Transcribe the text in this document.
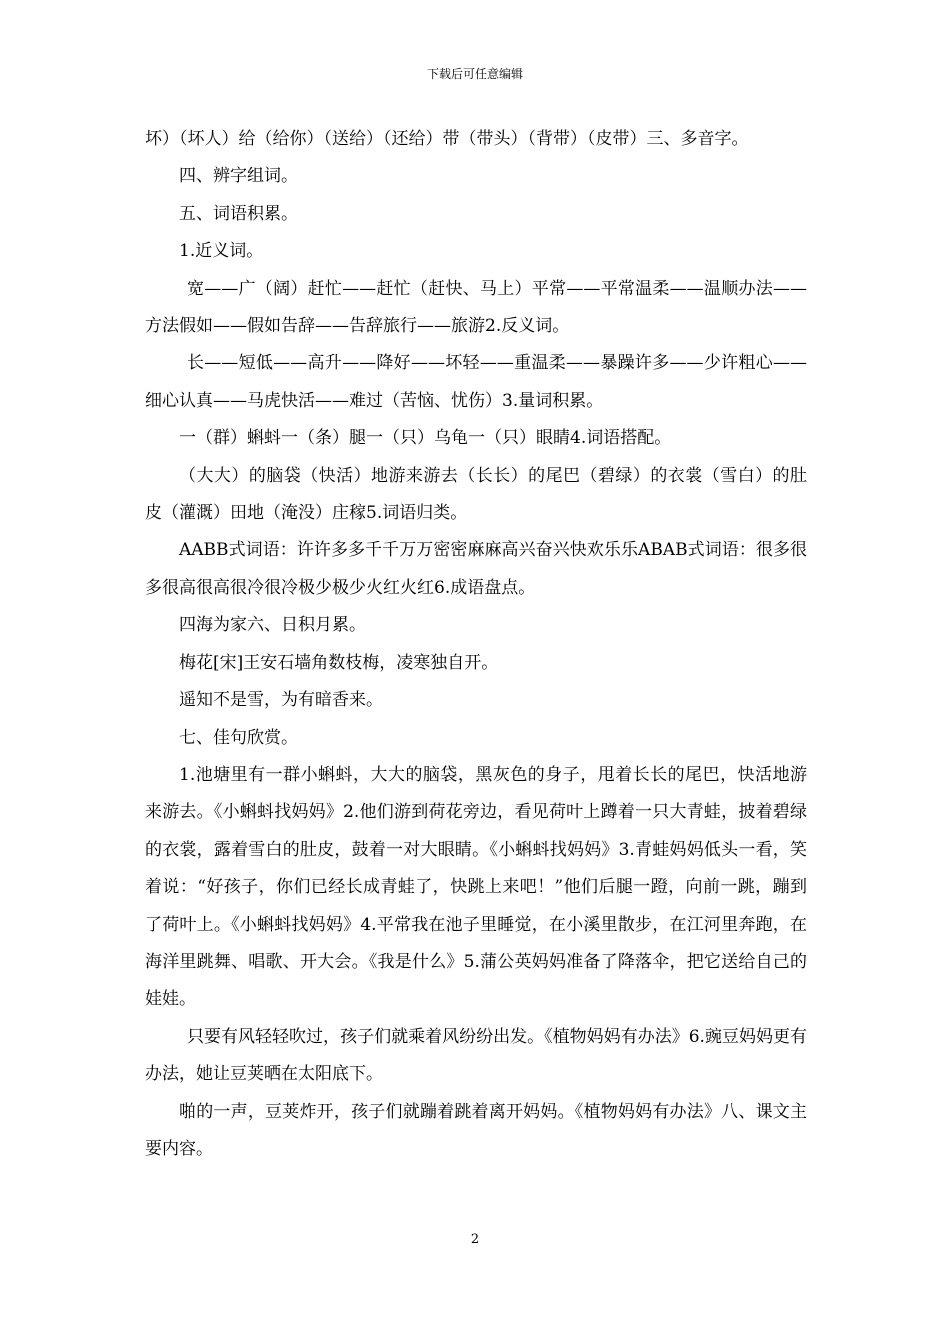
下载后可任意编辑

坏）（坏人）给（给你）（送给）（还给）带（带头）（背带）（皮带）三、多音字。

四、辨字组词。

五、词语积累。

1.近义词。

宽——广（阔）赶忙——赶忙（赶快、马上）平常——平常温柔——温顺办法——方法假如——假如告辞——告辞旅行——旅游2.反义词。

长——短低——高升——降好——坏轻——重温柔——暴躁许多——少许粗心——细心认真——马虎快活——难过（苦恼、忧伤）3.量词积累。

一（群）蝌蚪一（条）腿一（只）乌龟一（只）眼睛4.词语搭配。

（大大）的脑袋（快活）地游来游去（长长）的尾巴（碧绿）的衣裳（雪白）的肚皮（灌溉）田地（淹没）庄稼5.词语归类。

AABB式词语：许许多多千千万万密密麻麻高兴奋兴快欢乐乐ABAB式词语：很多很多很高很高很冷很冷极少极少火红火红6.成语盘点。

四海为家六、日积月累。

梅花[宋]王安石墙角数枝梅，凌寒独自开。

遥知不是雪，为有暗香来。

七、佳句欣赏。

1.池塘里有一群小蝌蚪，大大的脑袋，黑灰色的身子，甩着长长的尾巴，快活地游来游去。《小蝌蚪找妈妈》2.他们游到荷花旁边，看见荷叶上蹲着一只大青蛙，披着碧绿的衣裳，露着雪白的肚皮，鼓着一对大眼睛。《小蝌蚪找妈妈》3.青蛙妈妈低头一看，笑着说：“好孩子，你们已经长成青蛙了，快跳上来吧！”他们后腿一蹬，向前一跳，蹦到了荷叶上。《小蝌蚪找妈妈》4.平常我在池子里睡觉，在小溪里散步，在江河里奔跑，在海洋里跳舞、唱歌、开大会。《我是什么》5.蒲公英妈妈准备了降落伞，把它送给自己的娃娃。

只要有风轻轻吹过，孩子们就乘着风纷纷出发。《植物妈妈有办法》6.豌豆妈妈更有办法，她让豆荚晒在太阳底下。

啪的一声，豆荚炸开，孩子们就蹦着跳着离开妈妈。《植物妈妈有办法》八、课文主要内容。

2
